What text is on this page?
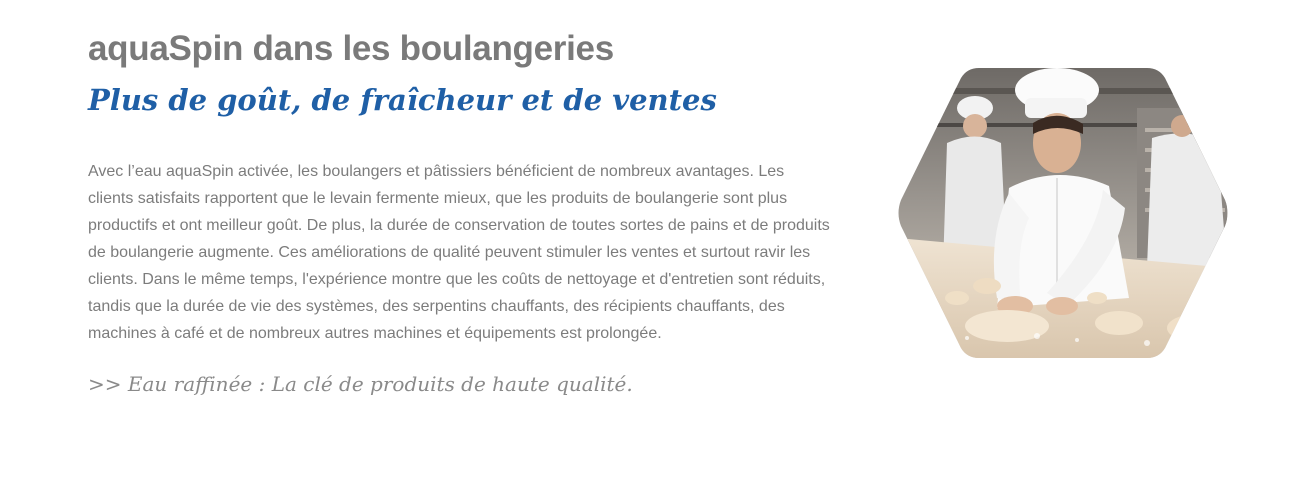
aquaSpin dans les boulangeries
Plus de goût, de fraîcheur et de ventes

Avec l’eau aquaSpin activée, les boulangers et pâtissiers bénéficient de nombreux avantages. Les clients satisfaits rapportent que le levain fermente mieux, que les produits de boulangerie sont plus productifs et ont meilleur goût. De plus, la durée de conservation de toutes sortes de pains et de produits de boulangerie augmente. Ces améliorations de qualité peuvent stimuler les ventes et surtout ravir les clients. Dans le même temps, l'expérience montre que les coûts de nettoyage et d'entretien sont réduits, tandis que la durée de vie des systèmes, des serpentins chauffants, des récipients chauffants, des machines à café et de nombreux autres machines et équipements est prolongée.

>> Eau raffinée : La clé de produits de haute qualité.
